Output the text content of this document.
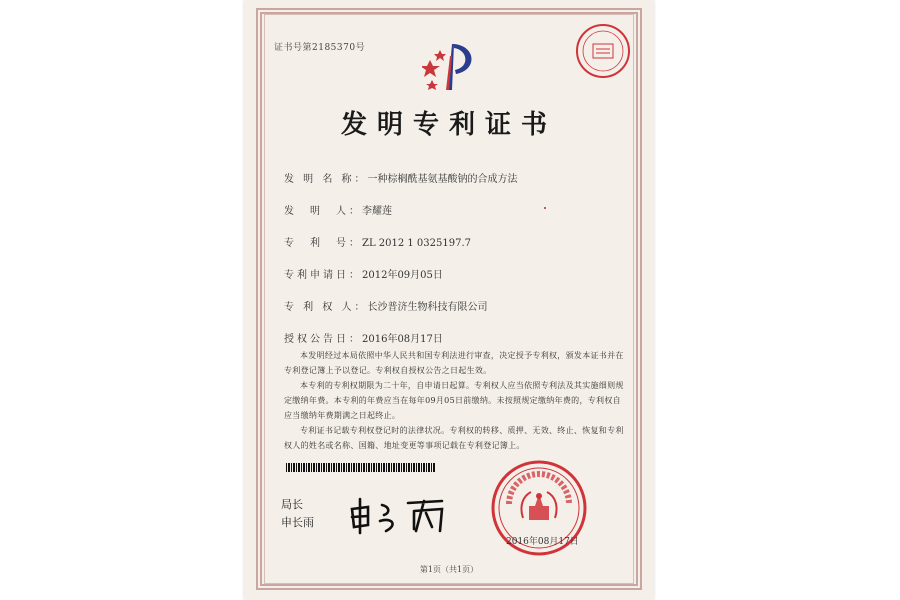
证书号第2185370号
发明专利证书
发 明 名 称：一种棕榈酰基氨基酸钠的合成方法
发　明　人：李耀莲
专　利　号：ZL 2012 1 0325197.7
专利申请日：2012年09月05日
专 利 权 人：长沙普济生物科技有限公司
授权公告日：2016年08月17日

本发明经过本局依照中华人民共和国专利法进行审查，决定授予专利权，颁发本证书并在专利登记簿上予以登记。专利权自授权公告之日起生效。

本专利的专利权期限为二十年，自申请日起算。专利权人应当依照专利法及其实施细则规定缴纳年费。本专利的年费应当在每年09月05日前缴纳。未按照规定缴纳年费的，专利权自应当缴纳年费期满之日起终止。

专利证书记载专利权登记时的法律状况。专利权的转移、质押、无效、终止、恢复和专利权人的姓名或名称、国籍、地址变更等事项记载在专利登记簿上。

局长
申长雨
2016年08月17日
第1页（共1页）
